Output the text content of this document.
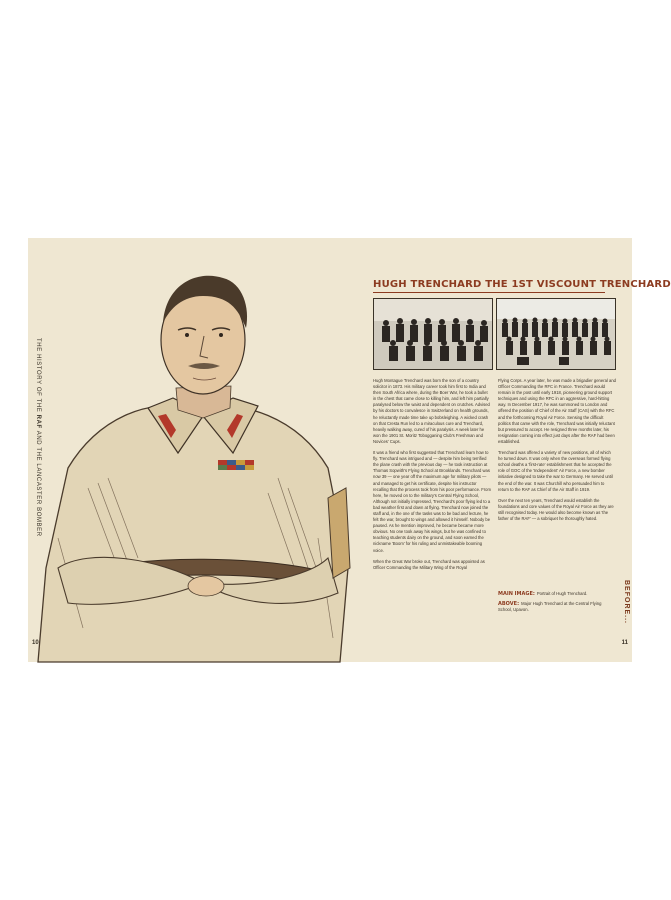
THE HISTORY OF THE RAF AND THE LANCASTER BOMBER
10	11
BEFORE...
HUGH TRENCHARD THE 1ST VISCOUNT TRENCHARD

Hugh Montague Trenchard was born the son of a country solicitor in 1873. His military career took him first to India and then South Africa where, during the Boer War, he took a bullet in the chest that came close to killing him, and left him partially paralysed below the waist and dependent on crutches. Advised by his doctors to convalesce in Switzerland on health grounds, he reluctantly made time take up bobsleighing. A wicked crash on that Cresta Run led to a miraculous cure and Trenchard, heavily walking away, cured of his paralysis. A week later he won the 1901 St. Moritz Tobogganing Club's Freshman and Novices' Cups.

It was a friend who first suggested that Trenchard learn how to fly. Trenchard was intrigued and — despite him being terrified the plane crash with the previous day — he took instruction at Thomas Sopwith's Flying School at Brooklands. Trenchard was now 39 — one year off the maximum age for military pilots — and managed to get his certificate, despite his instructor recalling that the process took from his poor performance. From here, he moved on to the military's Central Flying School, Although not initially impressed, Trenchard's poor flying led to a bad weather first and down at flying. Trenchard now joined the staff and, in the one of the tasks was to be bad and lecture, he felt the war, brought to wings and allowed it himself. Nobody be paused. As he mention improved, he became became more obvious. No one took away his wings, but he was confined to teaching students dairy on the ground, and soon earned the nickname 'Boom' for his ruling and unmistakeable booming voice.

When the Great War broke out, Trenchard was appointed as Officer Commanding the Military Wing of the Royal

Flying Corps. A year later, he was made a brigadier general and Officer Commanding the RFC in France. Trenchard would remain in the post until early 1918, pioneering ground support techniques and using the RFC in an aggressive, hard-hitting way. In December 1917, he was summoned to London and offered the position of Chief of the Air Staff (CAS) with the RFC and the forthcoming Royal Air Force. Sensing the difficult politics that came with the role, Trenchard was initially reluctant but pressured to accept. He resigned three months later, his resignation coming into effect just days after the RAF had been established.

Trenchard was offered a variety of new positions, all of which he turned down. It was only when the overseas formed flying school deaths a 'first-rate' establishment that he accepted the role of GOC of the 'Independent' Air Force, a new bomber initiative designed to take the war to Germany. He served until the end of the war. It was Churchill who persuaded him to return to the RAF as Chief of the Air Staff in 1919.

Over the next ten years, Trenchard would establish the foundations and core values of the Royal Air Force as they are still recognised today. He would also become known as 'the father of the RAF' — a sobriquet he thoroughly hated.

MAIN IMAGE: Portrait of Hugh Trenchard.

ABOVE: Major Hugh Trenchard at the Central Flying School, Upavon.
